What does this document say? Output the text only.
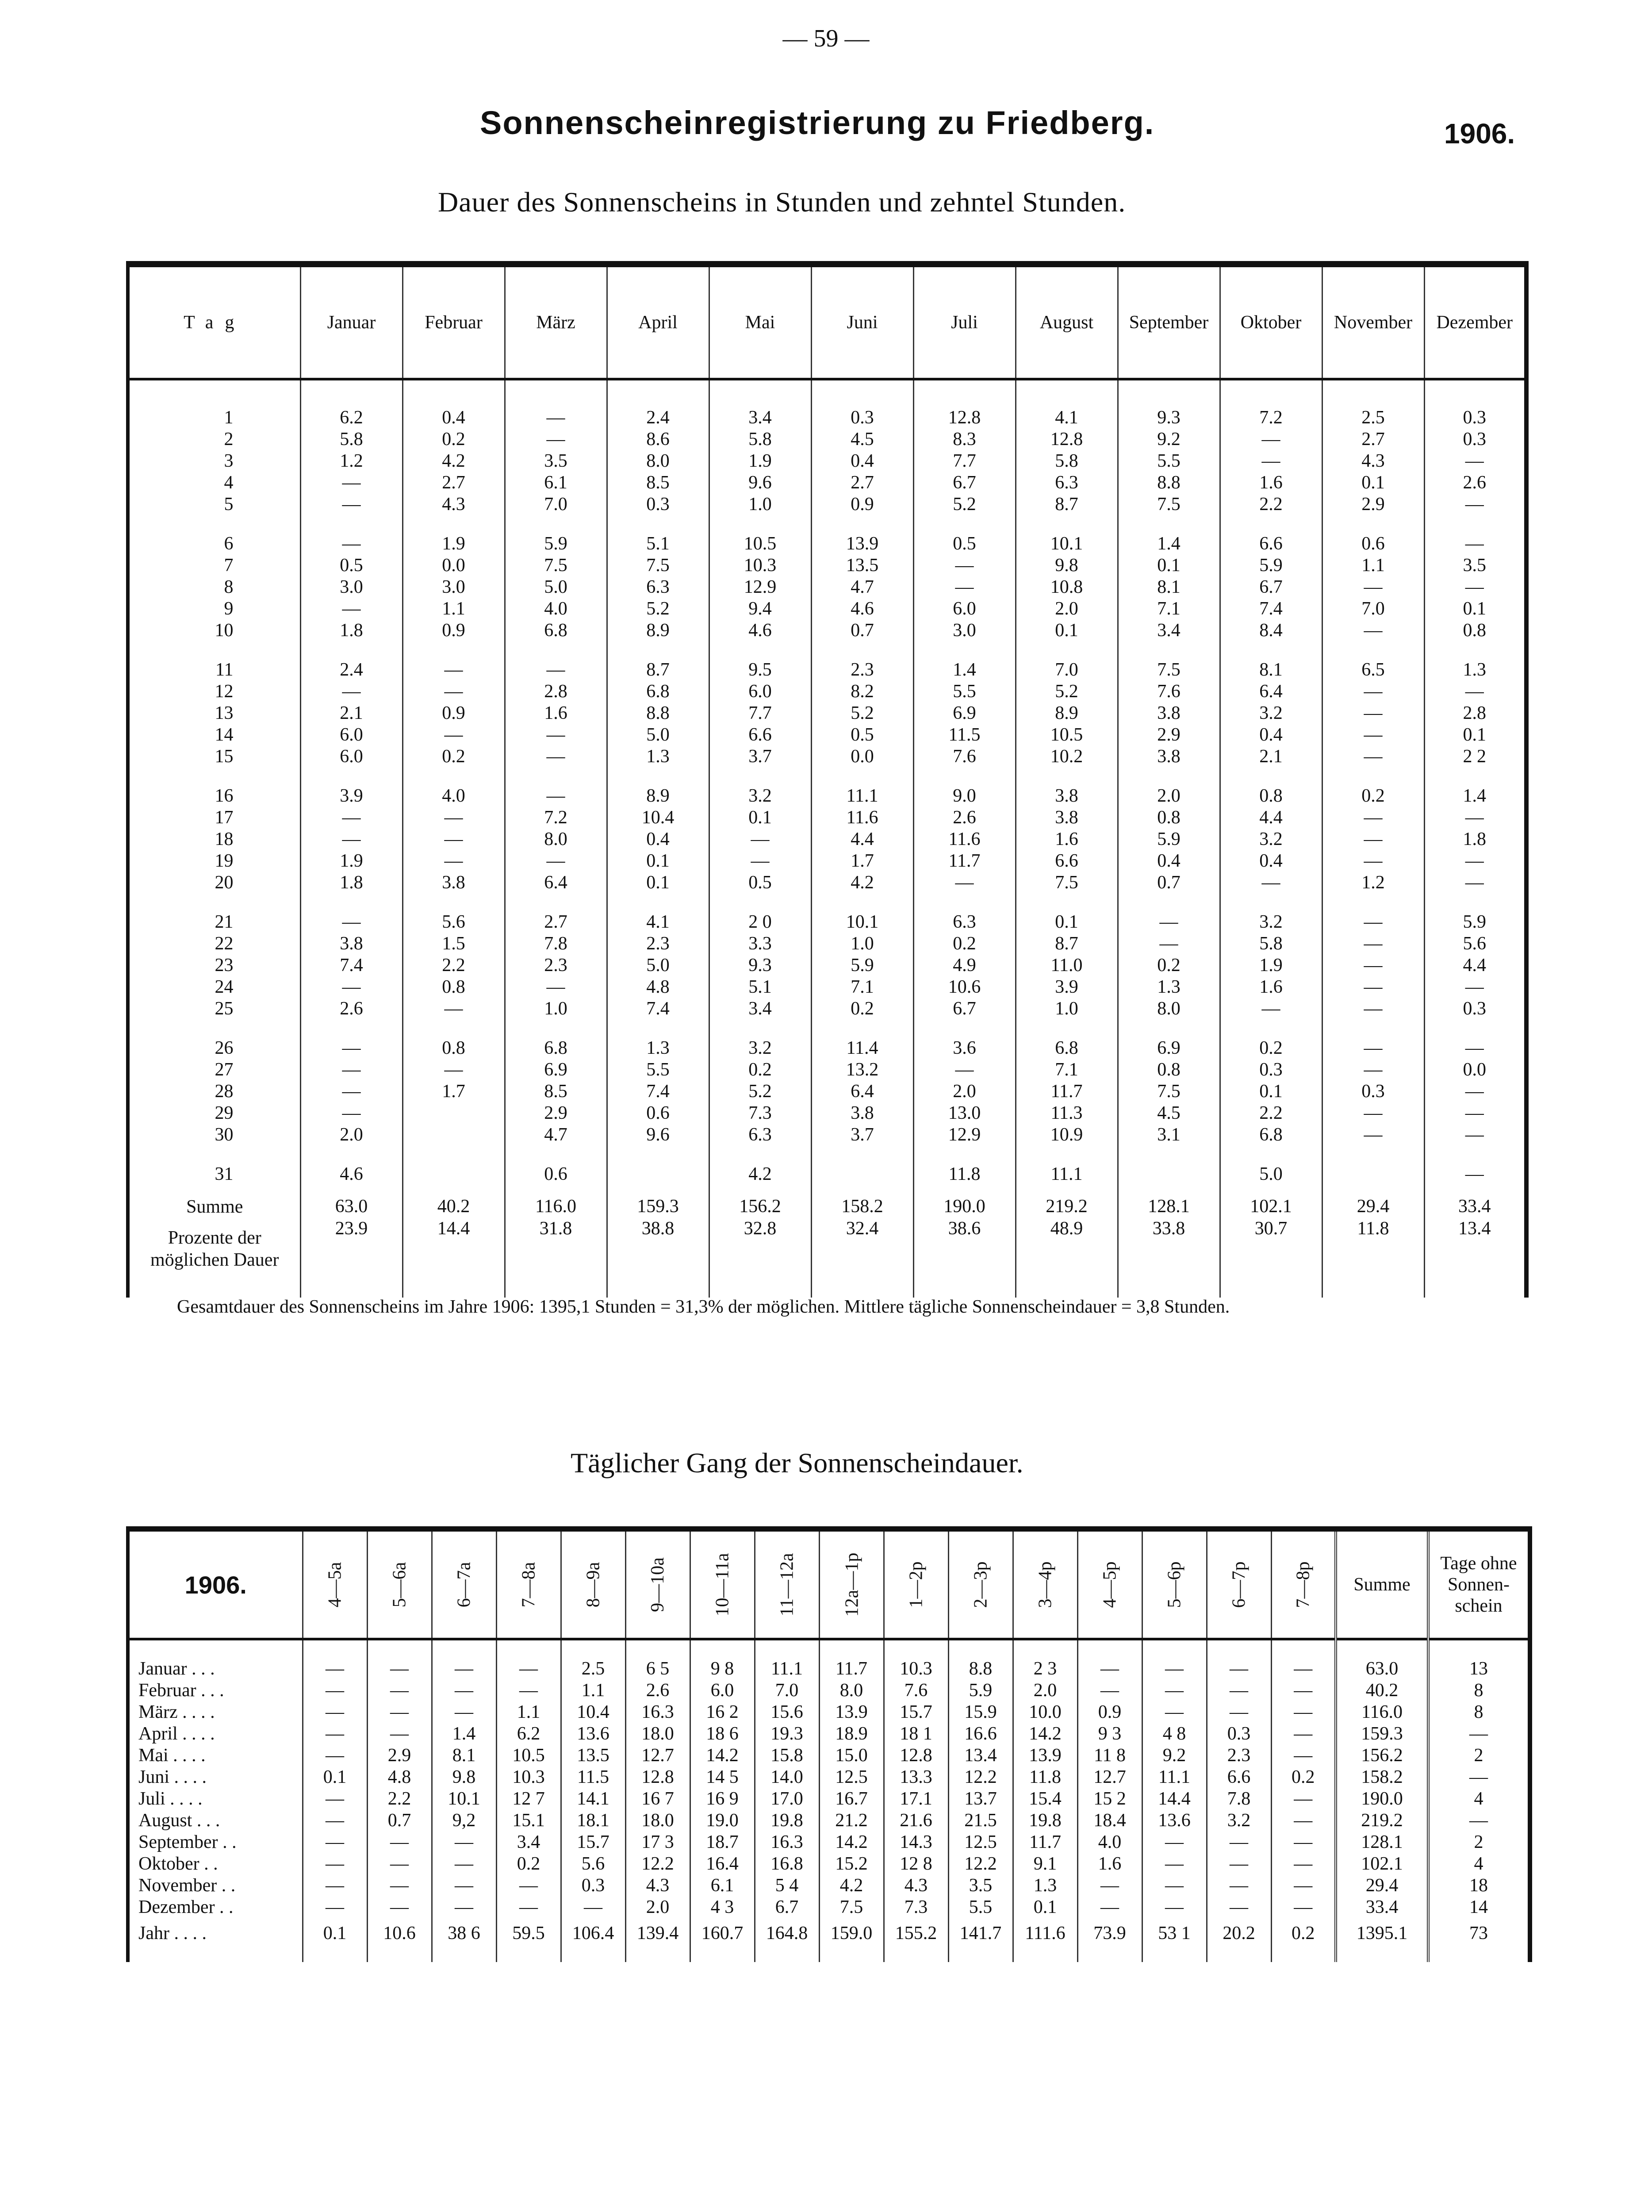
— 59 —
Sonnenscheinregistrierung zu Friedberg.	1906.
Dauer des Sonnenscheins in Stunden und zehntel Stunden.
Tag	Januar	Februar	März	April	Mai	Juni	Juli	August	September	Oktober	November	Dezember
1	6.2	0.4	—	2.4	3.4	0.3	12.8	4.1	9.3	7.2	2.5	0.3
2	5.8	0.2	—	8.6	5.8	4.5	8.3	12.8	9.2	—	2.7	0.3
3	1.2	4.2	3.5	8.0	1.9	0.4	7.7	5.8	5.5	—	4.3	—
4	—	2.7	6.1	8.5	9.6	2.7	6.7	6.3	8.8	1.6	0.1	2.6
5	—	4.3	7.0	0.3	1.0	0.9	5.2	8.7	7.5	2.2	2.9	—
6	—	1.9	5.9	5.1	10.5	13.9	0.5	10.1	1.4	6.6	0.6	—
7	0.5	0.0	7.5	7.5	10.3	13.5	—	9.8	0.1	5.9	1.1	3.5
8	3.0	3.0	5.0	6.3	12.9	4.7	—	10.8	8.1	6.7	—	—
9	—	1.1	4.0	5.2	9.4	4.6	6.0	2.0	7.1	7.4	7.0	0.1
10	1.8	0.9	6.8	8.9	4.6	0.7	3.0	0.1	3.4	8.4	—	0.8
11	2.4	—	—	8.7	9.5	2.3	1.4	7.0	7.5	8.1	6.5	1.3
12	—	—	2.8	6.8	6.0	8.2	5.5	5.2	7.6	6.4	—	—
13	2.1	0.9	1.6	8.8	7.7	5.2	6.9	8.9	3.8	3.2	—	2.8
14	6.0	—	—	5.0	6.6	0.5	11.5	10.5	2.9	0.4	—	0.1
15	6.0	0.2	—	1.3	3.7	0.0	7.6	10.2	3.8	2.1	—	2 2
16	3.9	4.0	—	8.9	3.2	11.1	9.0	3.8	2.0	0.8	0.2	1.4
17	—	—	7.2	10.4	0.1	11.6	2.6	3.8	0.8	4.4	—	—
18	—	—	8.0	0.4	—	4.4	11.6	1.6	5.9	3.2	—	1.8
19	1.9	—	—	0.1	—	1.7	11.7	6.6	0.4	0.4	—	—
20	1.8	3.8	6.4	0.1	0.5	4.2	—	7.5	0.7	—	1.2	—
21	—	5.6	2.7	4.1	2 0	10.1	6.3	0.1	—	3.2	—	5.9
22	3.8	1.5	7.8	2.3	3.3	1.0	0.2	8.7	—	5.8	—	5.6
23	7.4	2.2	2.3	5.0	9.3	5.9	4.9	11.0	0.2	1.9	—	4.4
24	—	0.8	—	4.8	5.1	7.1	10.6	3.9	1.3	1.6	—	—
25	2.6	—	1.0	7.4	3.4	0.2	6.7	1.0	8.0	—	—	0.3
26	—	0.8	6.8	1.3	3.2	11.4	3.6	6.8	6.9	0.2	—	—
27	—	—	6.9	5.5	0.2	13.2	—	7.1	0.8	0.3	—	0.0
28	—	1.7	8.5	7.4	5.2	6.4	2.0	11.7	7.5	0.1	0.3	—
29	—		2.9	0.6	7.3	3.8	13.0	11.3	4.5	2.2	—	—
30	2.0		4.7	9.6	6.3	3.7	12.9	10.9	3.1	6.8	—	—
31	4.6		0.6		4.2		11.8	11.1		5.0		—
Summe	63.0	40.2	116.0	159.3	156.2	158.2	190.0	219.2	128.1	102.1	29.4	33.4
Prozente der möglichen Dauer	23.9	14.4	31.8	38.8	32.8	32.4	38.6	48.9	33.8	30.7	11.8	13.4
Gesamtdauer des Sonnenscheins im Jahre 1906: 1395,1 Stunden = 31,3% der möglichen. Mittlere tägliche Sonnenscheindauer = 3,8 Stunden.
Täglicher Gang der Sonnenscheindauer.
1906.	4—5a	5—6a	6—7a	7—8a	8—9a	9—10a	10—11a	11—12a	12a—1p	1—2p	2—3p	3—4p	4—5p	5—6p	6—7p	7—8p	Summe	Tage ohne Sonnen-schein
Januar . . .	—	—	—	—	2.5	6 5	9 8	11.1	11.7	10.3	8.8	2 3	—	—	—	—	63.0	13
Februar . . .	—	—	—	—	1.1	2.6	6.0	7.0	8.0	7.6	5.9	2.0	—	—	—	—	40.2	8
März . . . .	—	—	—	1.1	10.4	16.3	16 2	15.6	13.9	15.7	15.9	10.0	0.9	—	—	—	116.0	8
April . . . .	—	—	1.4	6.2	13.6	18.0	18 6	19.3	18.9	18 1	16.6	14.2	9 3	4 8	0.3	—	159.3	—
Mai . . . .	—	2.9	8.1	10.5	13.5	12.7	14.2	15.8	15.0	12.8	13.4	13.9	11 8	9.2	2.3	—	156.2	2
Juni . . . .	0.1	4.8	9.8	10.3	11.5	12.8	14 5	14.0	12.5	13.3	12.2	11.8	12.7	11.1	6.6	0.2	158.2	—
Juli . . . .	—	2.2	10.1	12 7	14.1	16 7	16 9	17.0	16.7	17.1	13.7	15.4	15 2	14.4	7.8	—	190.0	4
August . . .	—	0.7	9,2	15.1	18.1	18.0	19.0	19.8	21.2	21.6	21.5	19.8	18.4	13.6	3.2	—	219.2	—
September . .	—	—	—	3.4	15.7	17 3	18.7	16.3	14.2	14.3	12.5	11.7	4.0	—	—	—	128.1	2
Oktober . .	—	—	—	0.2	5.6	12.2	16.4	16.8	15.2	12 8	12.2	9.1	1.6	—	—	—	102.1	4
November . .	—	—	—	—	0.3	4.3	6.1	5 4	4.2	4.3	3.5	1.3	—	—	—	—	29.4	18
Dezember . .	—	—	—	—	—	2.0	4 3	6.7	7.5	7.3	5.5	0.1	—	—	—	—	33.4	14
Jahr . . . .	0.1	10.6	38 6	59.5	106.4	139.4	160.7	164.8	159.0	155.2	141.7	111.6	73.9	53 1	20.2	0.2	1395.1	73
